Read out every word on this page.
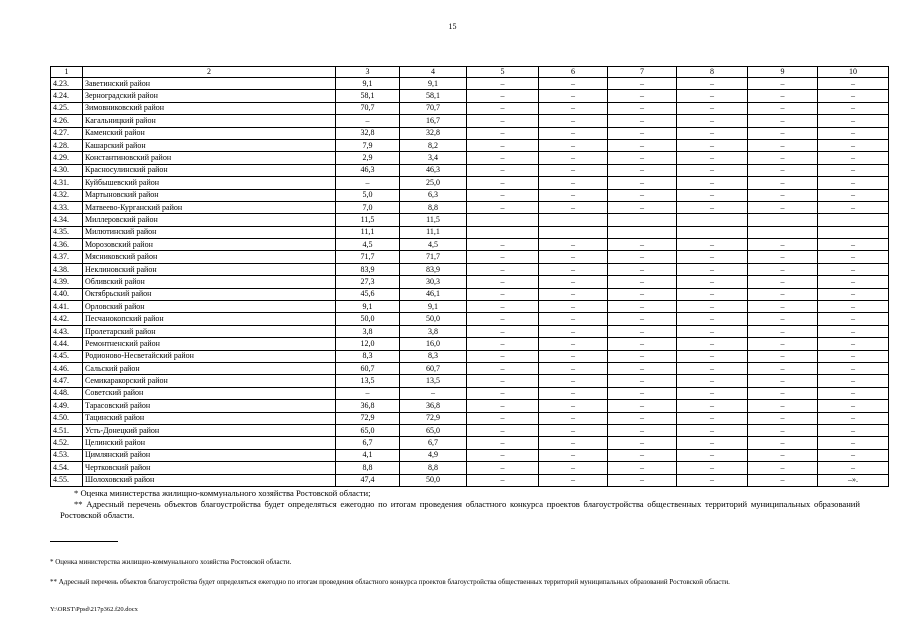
15
1	2	3	4	5	6	7	8	9	10
4.23.	Заветинский район	9,1	9,1	–	–	–	–	–	–
4.24.	Зерноградский район	58,1	58,1	–	–	–	–	–	–
4.25.	Зимовниковский район	70,7	70,7	–	–	–	–	–	–
4.26.	Кагальницкий район	–	16,7	–	–	–	–	–	–
4.27.	Каменский район	32,8	32,8	–	–	–	–	–	–
4.28.	Кашарский район	7,9	8,2	–	–	–	–	–	–
4.29.	Константиновский район	2,9	3,4	–	–	–	–	–	–
4.30.	Красносулинский район	46,3	46,3	–	–	–	–	–	–
4.31.	Куйбышевский район	–	25,0	–	–	–	–	–	–
4.32.	Мартыновский район	5,0	6,3	–	–	–	–	–	–
4.33.	Матвеево-Курганский район	7,0	8,8	–	–	–	–	–	–
4.34.	Миллеровский район	11,5	11,5						
4.35.	Милютинский район	11,1	11,1						
4.36.	Морозовский район	4,5	4,5	–	–	–	–	–	–
4.37.	Мясниковский район	71,7	71,7	–	–	–	–	–	–
4.38.	Неклиновский район	83,9	83,9	–	–	–	–	–	–
4.39.	Обливский район	27,3	30,3	–	–	–	–	–	–
4.40.	Октябрьский район	45,6	46,1	–	–	–	–	–	–
4.41.	Орловский район	9,1	9,1	–	–	–	–	–	–
4.42.	Песчанокопский район	50,0	50,0	–	–	–	–	–	–
4.43.	Пролетарский район	3,8	3,8	–	–	–	–	–	–
4.44.	Ремонтненский район	12,0	16,0	–	–	–	–	–	–
4.45.	Родионово-Несветайский район	8,3	8,3	–	–	–	–	–	–
4.46.	Сальский район	60,7	60,7	–	–	–	–	–	–
4.47.	Семикаракорский район	13,5	13,5	–	–	–	–	–	–
4.48.	Советский район	–	–	–	–	–	–	–	–
4.49.	Тарасовский район	36,8	36,8	–	–	–	–	–	–
4.50.	Тацинский район	72,9	72,9	–	–	–	–	–	–
4.51.	Усть-Донецкий район	65,0	65,0	–	–	–	–	–	–
4.52.	Целинский район	6,7	6,7	–	–	–	–	–	–
4.53.	Цимлянский район	4,1	4,9	–	–	–	–	–	–
4.54.	Чертковский район	8,8	8,8	–	–	–	–	–	–
4.55.	Шолоховский район	47,4	50,0	–	–	–	–	–	–».

* Оценка министерства жилищно-коммунального хозяйства Ростовской области;

** Адресный перечень объектов благоустройства будет определяться ежегодно по итогам проведения областного конкурса проектов благоустройства общественных территорий муниципальных образований Ростовской области.

* Оценка министерства жилищно-коммунального хозяйства Ростовской области.
** Адресный перечень объектов благоустройства будет определяться ежегодно по итогам проведения областного конкурса проектов благоустройства общественных территорий муниципальных образований Ростовской области.
Y:\ORST\Ppsd\217p362.f20.docx
